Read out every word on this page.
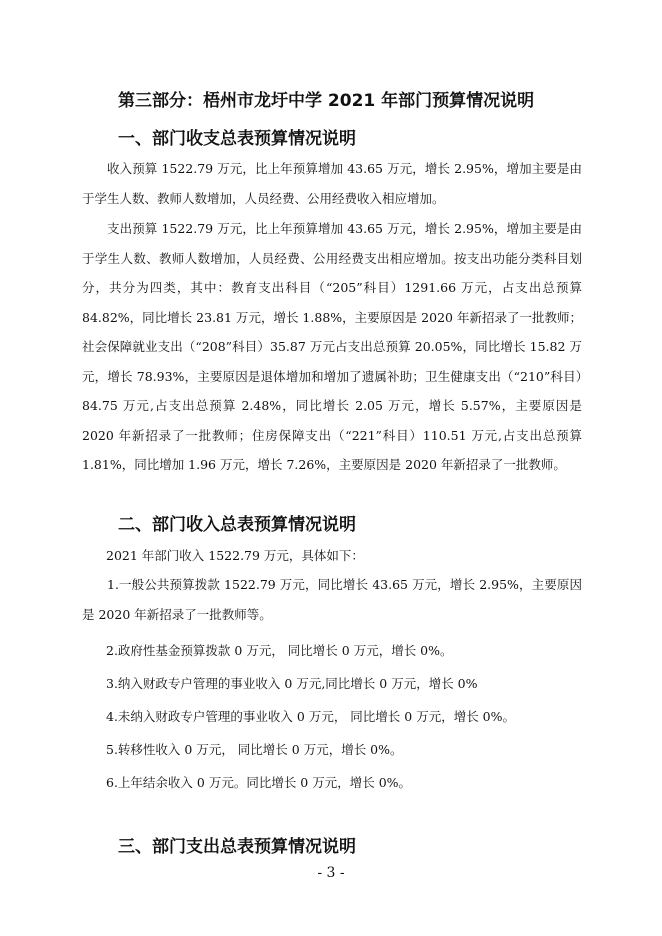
第三部分：梧州市龙圩中学 2021 年部门预算情况说明
一、部门收支总表预算情况说明

收入预算 1522.79 万元，比上年预算增加 43.65 万元，增长 2.95%，增加主要是由于学生人数、教师人数增加，人员经费、公用经费收入相应增加。

支出预算 1522.79 万元，比上年预算增加 43.65 万元，增长 2.95%，增加主要是由于学生人数、教师人数增加，人员经费、公用经费支出相应增加。按支出功能分类科目划分，共分为四类，其中：教育支出科目（“205”科目）1291.66 万元，占支出总预算 84.82%，同比增长 23.81 万元，增长 1.88%，主要原因是 2020 年新招录了一批教师；社会保障就业支出（“208”科目）35.87 万元占支出总预算 20.05%，同比增长 15.82 万元，增长 78.93%，主要原因是退体增加和增加了遗属补助；卫生健康支出（“210”科目）84.75 万元,占支出总预算 2.48%，同比增长 2.05 万元，增长 5.57%，主要原因是 2020 年新招录了一批教师；住房保障支出（“221”科目）110.51 万元,占支出总预算 1.81%，同比增加 1.96 万元，增长 7.26%，主要原因是 2020 年新招录了一批教师。

二、部门收入总表预算情况说明
2021 年部门收入 1522.79 万元，具体如下：

1.一般公共预算拨款 1522.79 万元，同比增长 43.65 万元，增长 2.95%，主要原因是 2020 年新招录了一批教师等。

2.政府性基金预算拨款 0 万元， 同比增长 0 万元，增长 0%。
3.纳入财政专户管理的事业收入 0 万元,同比增长 0 万元，增长 0%
4.未纳入财政专户管理的事业收入 0 万元， 同比增长 0 万元，增长 0%。
5.转移性收入 0 万元， 同比增长 0 万元，增长 0%。
6.上年结余收入 0 万元。同比增长 0 万元，增长 0%。
三、部门支出总表预算情况说明
- 3 -
